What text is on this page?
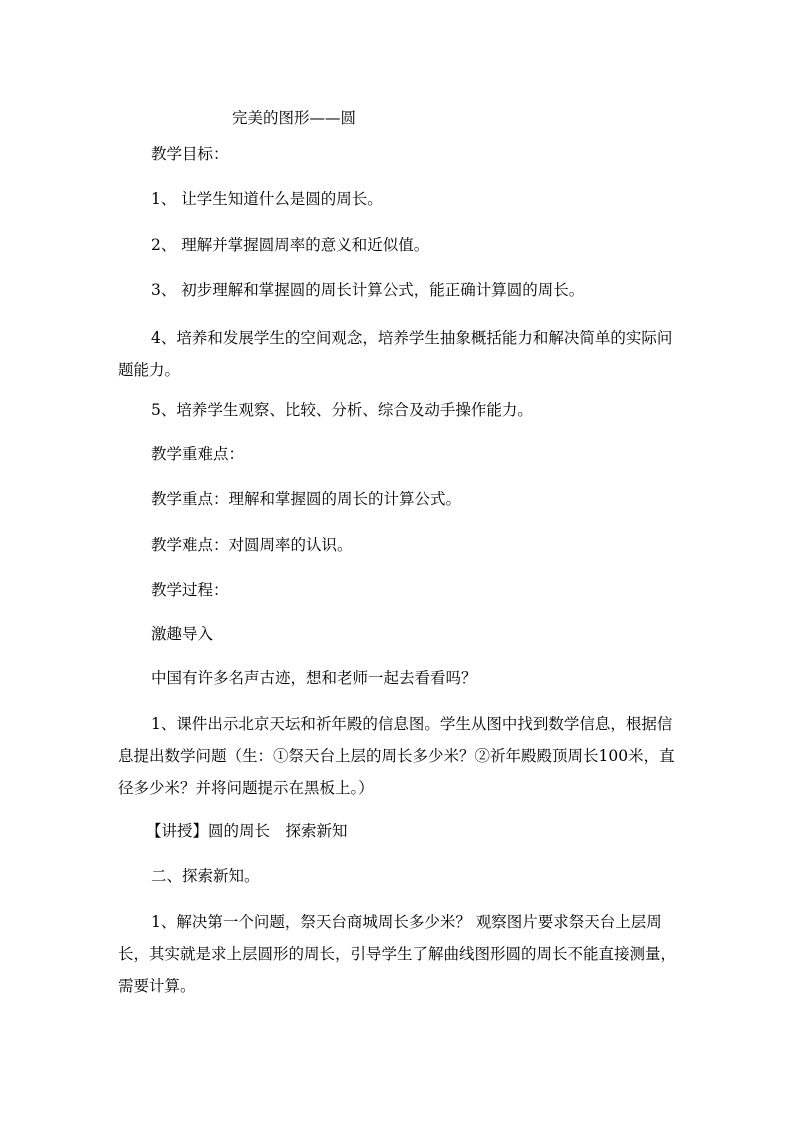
完美的图形——圆
教学目标：
1、 让学生知道什么是圆的周长。
2、 理解并掌握圆周率的意义和近似值。
3、 初步理解和掌握圆的周长计算公式，能正确计算圆的周长。
4、培养和发展学生的空间观念，培养学生抽象概括能力和解决简单的实际问题能力。
5、培养学生观察、比较、分析、综合及动手操作能力。
教学重难点：
教学重点：理解和掌握圆的周长的计算公式。
教学难点：对圆周率的认识。
教学过程：
激趣导入
中国有许多名声古迹，想和老师一起去看看吗？
1、课件出示北京天坛和祈年殿的信息图。学生从图中找到数学信息，根据信息提出数学问题（生：①祭天台上层的周长多少米？②祈年殿殿顶周长100米，直径多少米？并将问题提示在黑板上。）
【讲授】圆的周长　探索新知
二、探索新知。
1、解决第一个问题，祭天台商城周长多少米？ 观察图片要求祭天台上层周长，其实就是求上层圆形的周长，引导学生了解曲线图形圆的周长不能直接测量，需要计算。
